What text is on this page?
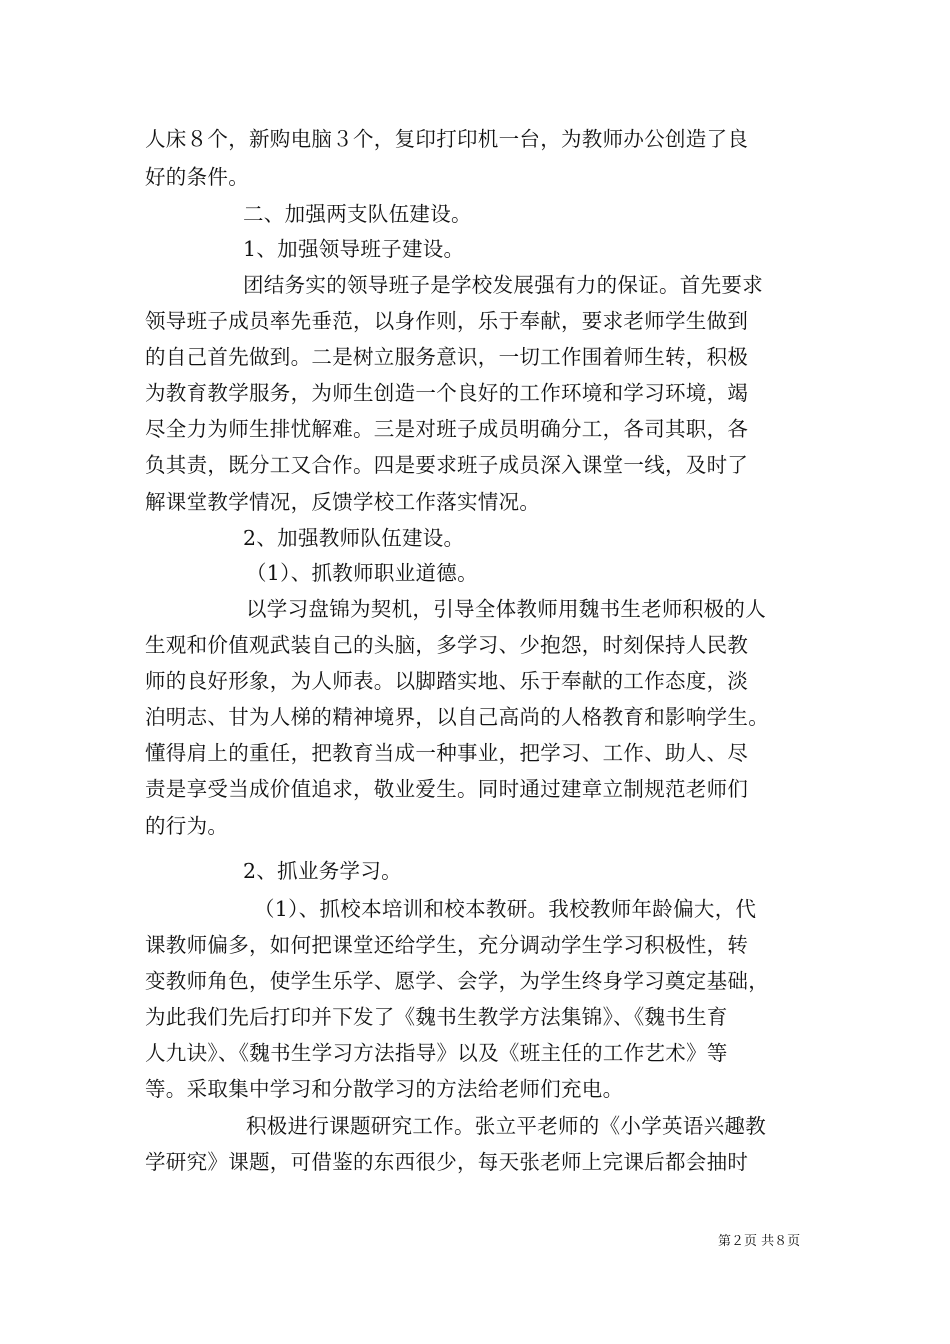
人床８个，新购电脑３个，复印打印机一台，为教师办公创造了良
好的条件。
二、加强两支队伍建设。
1、加强领导班子建设。
团结务实的领导班子是学校发展强有力的保证。首先要求
领导班子成员率先垂范，以身作则，乐于奉献，要求老师学生做到
的自己首先做到。二是树立服务意识，一切工作围着师生转，积极
为教育教学服务，为师生创造一个良好的工作环境和学习环境，竭
尽全力为师生排忧解难。三是对班子成员明确分工，各司其职，各
负其责，既分工又合作。四是要求班子成员深入课堂一线，及时了
解课堂教学情况，反馈学校工作落实情况。
2、加强教师队伍建设。
（1）、抓教师职业道德。
以学习盘锦为契机，引导全体教师用魏书生老师积极的人
生观和价值观武装自己的头脑，多学习、少抱怨，时刻保持人民教
师的良好形象，为人师表。以脚踏实地、乐于奉献的工作态度，淡
泊明志、甘为人梯的精神境界，以自己高尚的人格教育和影响学生。
懂得肩上的重任，把教育当成一种事业，把学习、工作、助人、尽
责是享受当成价值追求，敬业爱生。同时通过建章立制规范老师们
的行为。
2、抓业务学习。
（1）、抓校本培训和校本教研。我校教师年龄偏大，代
课教师偏多，如何把课堂还给学生，充分调动学生学习积极性，转
变教师角色，使学生乐学、愿学、会学，为学生终身学习奠定基础，
为此我们先后打印并下发了《魏书生教学方法集锦》、《魏书生育
人九诀》、《魏书生学习方法指导》以及《班主任的工作艺术》等
等。采取集中学习和分散学习的方法给老师们充电。
积极进行课题研究工作。张立平老师的《小学英语兴趣教
学研究》课题，可借鉴的东西很少，每天张老师上完课后都会抽时
第２页 共８页
